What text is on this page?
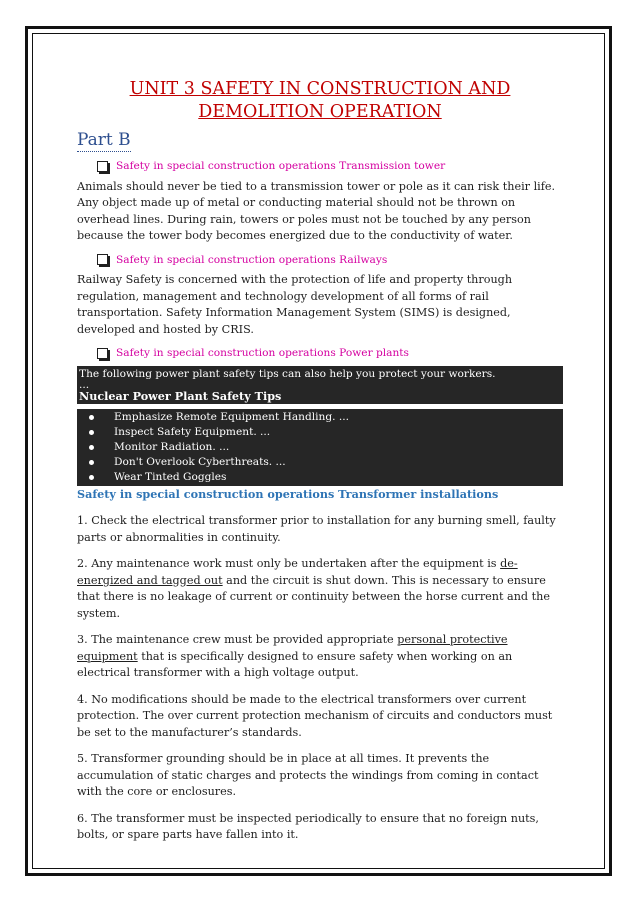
UNIT 3 SAFETY IN CONSTRUCTION AND DEMOLITION OPERATION
Part B
Safety in special construction operations Transmission tower

Animals should never be tied to a transmission tower or pole as it can risk their life. Any object made up of metal or conducting material should not be thrown on overhead lines. During rain, towers or poles must not be touched by any person because the tower body becomes energized due to the conductivity of water.

Safety in special construction operations Railways

Railway Safety is concerned with the protection of life and property through regulation, management and technology development of all forms of rail transportation. Safety Information Management System (SIMS) is designed, developed and hosted by CRIS.

Safety in special construction operations Power plants

The following power plant safety tips can also help you protect your workers.

...

Nuclear Power Plant Safety Tips

Emphasize Remote Equipment Handling. ...
Inspect Safety Equipment. ...
Monitor Radiation. ...
Don't Overlook Cyberthreats. ...
Wear Tinted Goggles

Safety in special construction operations Transformer installations

1. Check the electrical transformer prior to installation for any burning smell, faulty parts or abnormalities in continuity.

2. Any maintenance work must only be undertaken after the equipment is de-energized and tagged out and the circuit is shut down. This is necessary to ensure that there is no leakage of current or continuity between the horse current and the system.

3. The maintenance crew must be provided appropriate personal protective equipment that is specifically designed to ensure safety when working on an electrical transformer with a high voltage output.

4. No modifications should be made to the electrical transformers over current protection. The over current protection mechanism of circuits and conductors must be set to the manufacturer’s standards.

5. Transformer grounding should be in place at all times. It prevents the accumulation of static charges and protects the windings from coming in contact with the core or enclosures.

6. The transformer must be inspected periodically to ensure that no foreign nuts, bolts, or spare parts have fallen into it.
